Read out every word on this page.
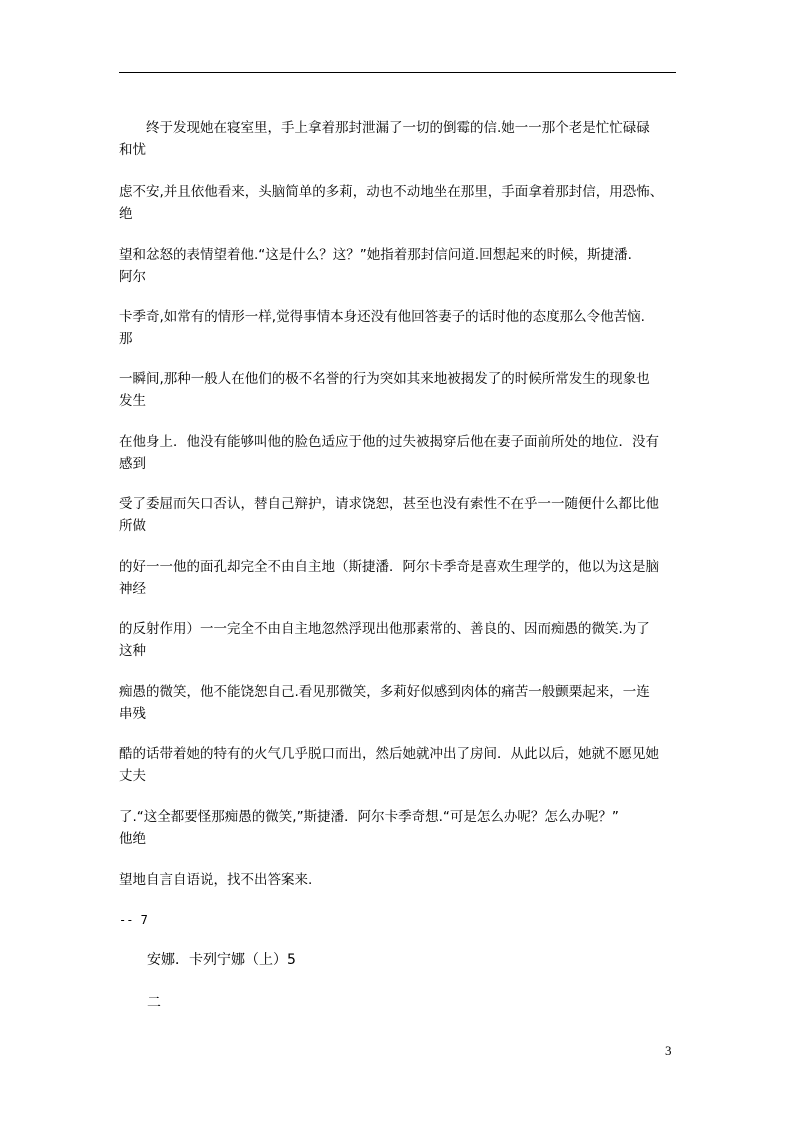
　　终于发现她在寝室里，手上拿着那封泄漏了一切的倒霉的信.她一一那个老是忙忙碌碌
和忧
虑不安,并且依他看来，头脑简单的多莉，动也不动地坐在那里，手面拿着那封信，用恐怖、
绝
望和忿怒的表情望着他.“这是什么？这？”她指着那封信问道.回想起来的时候，斯捷潘.
阿尔
卡季奇,如常有的情形一样,觉得事情本身还没有他回答妻子的话时他的态度那么令他苦恼.
那
一瞬间,那种一般人在他们的极不名誉的行为突如其来地被揭发了的时候所常发生的现象也
发生
在他身上．他没有能够叫他的脸色适应于他的过失被揭穿后他在妻子面前所处的地位．没有
感到
受了委屈而矢口否认，替自己辩护，请求饶恕，甚至也没有索性不在乎一一随便什么都比他
所做
的好一一他的面孔却完全不由自主地（斯捷潘．阿尔卡季奇是喜欢生理学的，他以为这是脑
神经
的反射作用）一一完全不由自主地忽然浮现出他那素常的、善良的、因而痴愚的微笑.为了
这种
痴愚的微笑，他不能饶恕自己.看见那微笑，多莉好似感到肉体的痛苦一般颤栗起来，一连
串残
酷的话带着她的特有的火气几乎脱口而出，然后她就冲出了房间．从此以后，她就不愿见她
丈夫
了.“这全都要怪那痴愚的微笑,”斯捷潘．阿尔卡季奇想.“可是怎么办呢？怎么办呢？”
他绝
望地自言自语说，找不出答案来.
-- 7
安娜．卡列宁娜（上）5
二
3
